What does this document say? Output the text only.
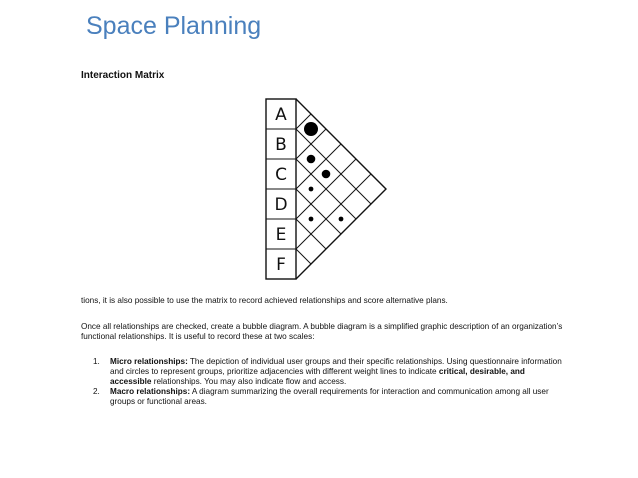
Space Planning
Interaction Matrix
A
B
C
D
E
F
tions, it is also possible to use the matrix to record achieved relationships and score alternative plans.
Once all relationships are checked, create a bubble diagram. A bubble diagram is a simplified graphic description of an organization’s functional relationships. It is useful to record these at two scales:
1. Micro relationships: The depiction of individual user groups and their specific relationships. Using questionnaire information and circles to represent groups, prioritize adjacencies with different weight lines to indicate critical, desirable, and accessible relationships. You may also indicate flow and access.
2. Macro relationships: A diagram summarizing the overall requirements for interaction and communication among all user groups or functional areas.
